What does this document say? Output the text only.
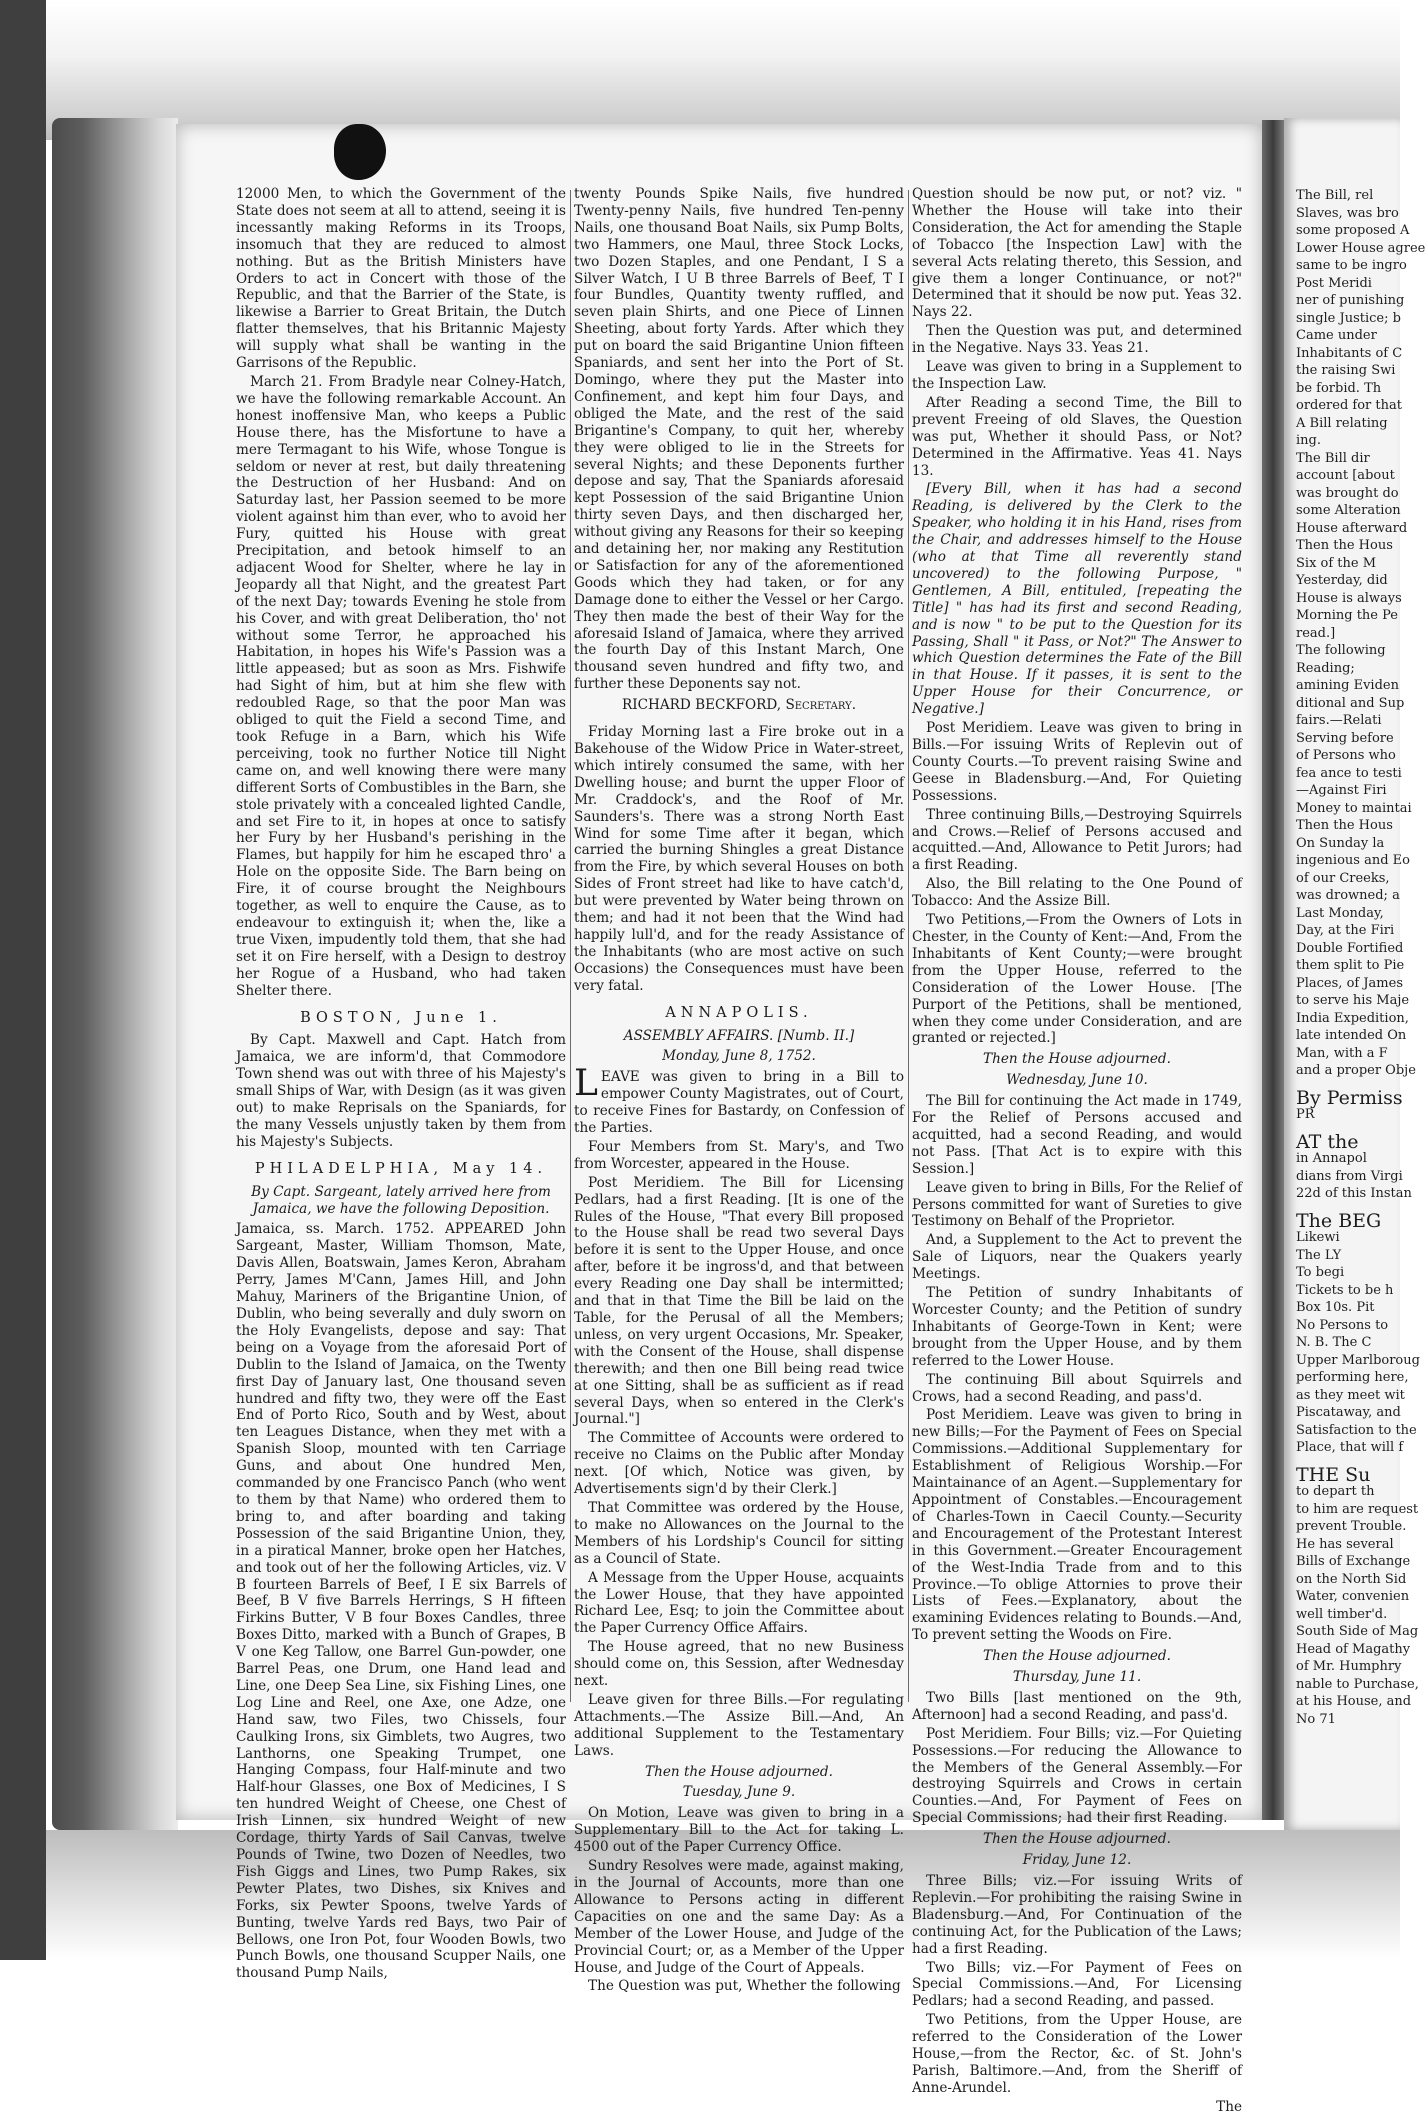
The Bill, rel
Slaves, was bro
some proposed A
Lower House agree
same to be ingro
Post Meridi
ner of punishing
single Justice; b
Came under
Inhabitants of C
the raising Swi
be forbid. Th
ordered for that
A Bill relating
ing.
The Bill dir
account [about
was brought do
some Alteration
House afterward
Then the Hous
Six of the M
Yesterday, did
House is always
Morning the Pe
read.]
The following
Reading;
amining Eviden
ditional and Sup
fairs.—Relati
Serving before
of Persons who
fea ance to testi
—Against Firi
Money to maintai
Then the Hous
On Sunday la
ingenious and Eo
of our Creeks,
was drowned; a
Last Monday,
Day, at the Firi
Double Fortified
them split to Pie
Places, of James
to serve his Maje
India Expedition,
late intended On
Man, with a F
and a proper Obje
By Permiss
PR
AT the
in Annapol
dians from Virgi
22d of this Instan
The BEG
Likewi
The LY
To begi
Tickets to be h
Box 10s. Pit
No Persons to
N. B. The C
Upper Marlboroug
performing here,
as they meet wit
Piscataway, and
Satisfaction to the
Place, that will f
THE Su
to depart th
to him are request
prevent Trouble.
He has several
Bills of Exchange
on the North Sid
Water, convenien
well timber'd.
South Side of Mag
Head of Magathy
of Mr. Humphry
nable to Purchase,
at his House, and
No 71

12000 Men, to which the Government of the State does not seem at all to attend, seeing it is incessantly making Reforms in its Troops, insomuch that they are reduced to almost nothing. But as the British Ministers have Orders to act in Concert with those of the Republic, and that the Barrier of the State, is likewise a Barrier to Great Britain, the Dutch flatter themselves, that his Britannic Majesty will supply what shall be wanting in the Garrisons of the Republic.

March 21. From Bradyle near Colney-Hatch, we have the following remarkable Account. An honest inoffensive Man, who keeps a Public House there, has the Misfortune to have a mere Termagant to his Wife, whose Tongue is seldom or never at rest, but daily threatening the Destruction of her Husband: And on Saturday last, her Passion seemed to be more violent against him than ever, who to avoid her Fury, quitted his House with great Precipitation, and betook himself to an adjacent Wood for Shelter, where he lay in Jeopardy all that Night, and the greatest Part of the next Day; towards Evening he stole from his Cover, and with great Deliberation, tho' not without some Terror, he approached his Habitation, in hopes his Wife's Passion was a little appeased; but as soon as Mrs. Fishwife had Sight of him, but at him she flew with redoubled Rage, so that the poor Man was obliged to quit the Field a second Time, and took Refuge in a Barn, which his Wife perceiving, took no further Notice till Night came on, and well knowing there were many different Sorts of Combustibles in the Barn, she stole privately with a concealed lighted Candle, and set Fire to it, in hopes at once to satisfy her Fury by her Husband's perishing in the Flames, but happily for him he escaped thro' a Hole on the opposite Side. The Barn being on Fire, it of course brought the Neighbours together, as well to enquire the Cause, as to endeavour to extinguish it; when the, like a true Vixen, impudently told them, that she had set it on Fire herself, with a Design to destroy her Rogue of a Husband, who had taken Shelter there.

BOSTON, June 1.

By Capt. Maxwell and Capt. Hatch from Jamaica, we are inform'd, that Commodore Town shend was out with three of his Majesty's small Ships of War, with Design (as it was given out) to make Reprisals on the Spaniards, for the many Vessels unjustly taken by them from his Majesty's Subjects.

PHILADELPHIA, May 14.

By Capt. Sargeant, lately arrived here from Jamaica, we have the following Deposition.

Jamaica, ss. March. 1752. APPEARED John Sargeant, Master, William Thomson, Mate, Davis Allen, Boatswain, James Keron, Abraham Perry, James M'Cann, James Hill, and John Mahuy, Mariners of the Brigantine Union, of Dublin, who being severally and duly sworn on the Holy Evangelists, depose and say: That being on a Voyage from the aforesaid Port of Dublin to the Island of Jamaica, on the Twenty first Day of January last, One thousand seven hundred and fifty two, they were off the East End of Porto Rico, South and by West, about ten Leagues Distance, when they met with a Spanish Sloop, mounted with ten Carriage Guns, and about One hundred Men, commanded by one Francisco Panch (who went to them by that Name) who ordered them to bring to, and after boarding and taking Possession of the said Brigantine Union, they, in a piratical Manner, broke open her Hatches, and took out of her the following Articles, viz. V B fourteen Barrels of Beef, I E six Barrels of Beef, B V five Barrels Herrings, S H fifteen Firkins Butter, V B four Boxes Candles, three Boxes Ditto, marked with a Bunch of Grapes, B V one Keg Tallow, one Barrel Gun-powder, one Barrel Peas, one Drum, one Hand lead and Line, one Deep Sea Line, six Fishing Lines, one Log Line and Reel, one Axe, one Adze, one Hand saw, two Files, two Chissels, four Caulking Irons, six Gimblets, two Augres, two Lanthorns, one Speaking Trumpet, one Hanging Compass, four Half-minute and two Half-hour Glasses, one Box of Medicines, I S ten hundred Weight of Cheese, one Chest of Irish Linnen, six hundred Weight of new Cordage, thirty Yards of Sail Canvas, twelve Pounds of Twine, two Dozen of Needles, two Fish Giggs and Lines, two Pump Rakes, six Pewter Plates, two Dishes, six Knives and Forks, six Pewter Spoons, twelve Yards of Bunting, twelve Yards red Bays, two Pair of Bellows, one Iron Pot, four Wooden Bowls, two Punch Bowls, one thousand Scupper Nails, one thousand Pump Nails,

twenty Pounds Spike Nails, five hundred Twenty-penny Nails, five hundred Ten-penny Nails, one thousand Boat Nails, six Pump Bolts, two Hammers, one Maul, three Stock Locks, two Dozen Staples, and one Pendant, I S a Silver Watch, I U B three Barrels of Beef, T I four Bundles, Quantity twenty ruffled, and seven plain Shirts, and one Piece of Linnen Sheeting, about forty Yards. After which they put on board the said Brigantine Union fifteen Spaniards, and sent her into the Port of St. Domingo, where they put the Master into Confinement, and kept him four Days, and obliged the Mate, and the rest of the said Brigantine's Company, to quit her, whereby they were obliged to lie in the Streets for several Nights; and these Deponents further depose and say, That the Spaniards aforesaid kept Possession of the said Brigantine Union thirty seven Days, and then discharged her, without giving any Reasons for their so keeping and detaining her, nor making any Restitution or Satisfaction for any of the aforementioned Goods which they had taken, or for any Damage done to either the Vessel or her Cargo. They then made the best of their Way for the aforesaid Island of Jamaica, where they arrived the fourth Day of this Instant March, One thousand seven hundred and fifty two, and further these Deponents say not.

RICHARD BECKFORD, Secretary.

Friday Morning last a Fire broke out in a Bakehouse of the Widow Price in Water-street, which intirely consumed the same, with her Dwelling house; and burnt the upper Floor of Mr. Craddock's, and the Roof of Mr. Saunders's. There was a strong North East Wind for some Time after it began, which carried the burning Shingles a great Distance from the Fire, by which several Houses on both Sides of Front street had like to have catch'd, but were prevented by Water being thrown on them; and had it not been that the Wind had happily lull'd, and for the ready Assistance of the Inhabitants (who are most active on such Occasions) the Consequences must have been very fatal.

ANNAPOLIS.

ASSEMBLY AFFAIRS. [Numb. II.]

Monday, June 8, 1752.

LEAVE was given to bring in a Bill to empower County Magistrates, out of Court, to receive Fines for Bastardy, on Confession of the Parties.

Four Members from St. Mary's, and Two from Worcester, appeared in the House.

Post Meridiem. The Bill for Licensing Pedlars, had a first Reading. [It is one of the Rules of the House, "That every Bill proposed to the House shall be read two several Days before it is sent to the Upper House, and once after, before it be ingross'd, and that between every Reading one Day shall be intermitted; and that in that Time the Bill be laid on the Table, for the Perusal of all the Members; unless, on very urgent Occasions, Mr. Speaker, with the Consent of the House, shall dispense therewith; and then one Bill being read twice at one Sitting, shall be as sufficient as if read several Days, when so entered in the Clerk's Journal."]

The Committee of Accounts were ordered to receive no Claims on the Public after Monday next. [Of which, Notice was given, by Advertisements sign'd by their Clerk.]

That Committee was ordered by the House, to make no Allowances on the Journal to the Members of his Lordship's Council for sitting as a Council of State.

A Message from the Upper House, acquaints the Lower House, that they have appointed Richard Lee, Esq; to join the Committee about the Paper Currency Office Affairs.

The House agreed, that no new Business should come on, this Session, after Wednesday next.

Leave given for three Bills.—For regulating Attachments.—The Assize Bill.—And, An additional Supplement to the Testamentary Laws.

Then the House adjourned.

Tuesday, June 9.

On Motion, Leave was given to bring in a Supplementary Bill to the Act for taking L. 4500 out of the Paper Currency Office.

Sundry Resolves were made, against making, in the Journal of Accounts, more than one Allowance to Persons acting in different Capacities on one and the same Day: As a Member of the Lower House, and Judge of the Provincial Court; or, as a Member of the Upper House, and Judge of the Court of Appeals.

The Question was put, Whether the following

Question should be now put, or not? viz. " Whether the House will take into their Consideration, the Act for amending the Staple of Tobacco [the Inspection Law] with the several Acts relating thereto, this Session, and give them a longer Continuance, or not?" Determined that it should be now put. Yeas 32. Nays 22.

Then the Question was put, and determined in the Negative. Nays 33. Yeas 21.

Leave was given to bring in a Supplement to the Inspection Law.

After Reading a second Time, the Bill to prevent Freeing of old Slaves, the Question was put, Whether it should Pass, or Not? Determined in the Affirmative. Yeas 41. Nays 13.

[Every Bill, when it has had a second Reading, is delivered by the Clerk to the Speaker, who holding it in his Hand, rises from the Chair, and addresses himself to the House (who at that Time all reverently stand uncovered) to the following Purpose, " Gentlemen, A Bill, entituled, [repeating the Title] " has had its first and second Reading, and is now " to be put to the Question for its Passing, Shall " it Pass, or Not?" The Answer to which Question determines the Fate of the Bill in that House. If it passes, it is sent to the Upper House for their Concurrence, or Negative.]

Post Meridiem. Leave was given to bring in Bills.—For issuing Writs of Replevin out of County Courts.—To prevent raising Swine and Geese in Bladensburg.—And, For Quieting Possessions.

Three continuing Bills,—Destroying Squirrels and Crows.—Relief of Persons accused and acquitted.—And, Allowance to Petit Jurors; had a first Reading.

Also, the Bill relating to the One Pound of Tobacco: And the Assize Bill.

Two Petitions,—From the Owners of Lots in Chester, in the County of Kent:—And, From the Inhabitants of Kent County;—were brought from the Upper House, referred to the Consideration of the Lower House. [The Purport of the Petitions, shall be mentioned, when they come under Consideration, and are granted or rejected.]

Then the House adjourned.

Wednesday, June 10.

The Bill for continuing the Act made in 1749, For the Relief of Persons accused and acquitted, had a second Reading, and would not Pass. [That Act is to expire with this Session.]

Leave given to bring in Bills, For the Relief of Persons committed for want of Sureties to give Testimony on Behalf of the Proprietor.

And, a Supplement to the Act to prevent the Sale of Liquors, near the Quakers yearly Meetings.

The Petition of sundry Inhabitants of Worcester County; and the Petition of sundry Inhabitants of George-Town in Kent; were brought from the Upper House, and by them referred to the Lower House.

The continuing Bill about Squirrels and Crows, had a second Reading, and pass'd.

Post Meridiem. Leave was given to bring in new Bills;—For the Payment of Fees on Special Commissions.—Additional Supplementary for Establishment of Religious Worship.—For Maintainance of an Agent.—Supplementary for Appointment of Constables.—Encouragement of Charles-Town in Caecil County.—Security and Encouragement of the Protestant Interest in this Government.—Greater Encouragement of the West-India Trade from and to this Province.—To oblige Attornies to prove their Lists of Fees.—Explanatory, about the examining Evidences relating to Bounds.—And, To prevent setting the Woods on Fire.

Then the House adjourned.

Thursday, June 11.

Two Bills [last mentioned on the 9th, Afternoon] had a second Reading, and pass'd.

Post Meridiem. Four Bills; viz.—For Quieting Possessions.—For reducing the Allowance to the Members of the General Assembly.—For destroying Squirrels and Crows in certain Counties.—And, For Payment of Fees on Special Commissions; had their first Reading.

Then the House adjourned.

Friday, June 12.

Three Bills; viz.—For issuing Writs of Replevin.—For prohibiting the raising Swine in Bladensburg.—And, For Continuation of the continuing Act, for the Publication of the Laws; had a first Reading.

Two Bills; viz.—For Payment of Fees on Special Commissions.—And, For Licensing Pedlars; had a second Reading, and passed.

Two Petitions, from the Upper House, are referred to the Consideration of the Lower House,—from the Rector, &c. of St. John's Parish, Baltimore.—And, from the Sheriff of Anne-Arundel.

The
